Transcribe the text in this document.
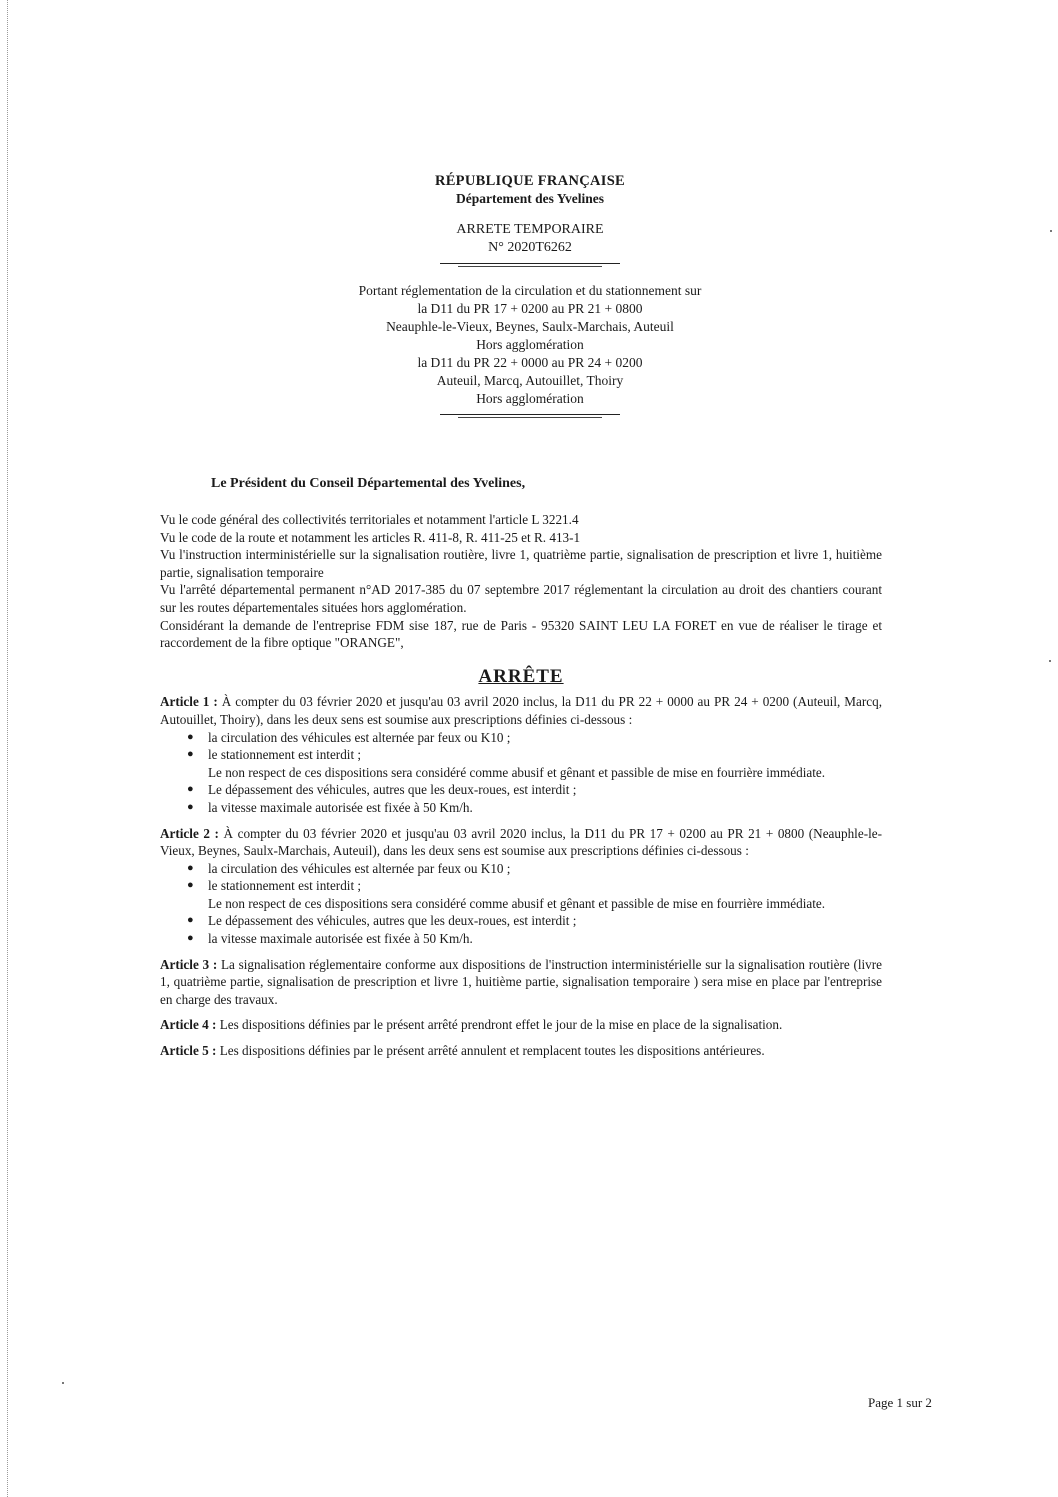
RÉPUBLIQUE FRANÇAISE
Département des Yvelines
ARRETE TEMPORAIRE
N° 2020T6262
Portant réglementation de la circulation et du stationnement sur
la D11 du PR 17 + 0200 au PR 21 + 0800
Neauphle-le-Vieux, Beynes, Saulx-Marchais, Auteuil
Hors agglomération
la D11 du PR 22 + 0000 au PR 24 + 0200
Auteuil, Marcq, Autouillet, Thoiry
Hors agglomération
Le Président du Conseil Départemental des Yvelines,

Vu le code général des collectivités territoriales et notamment l'article L 3221.4

Vu le code de la route et notamment les articles R. 411-8, R. 411-25 et R. 413-1

Vu l'instruction interministérielle sur la signalisation routière, livre 1, quatrième partie, signalisation de prescription et livre 1, huitième partie, signalisation temporaire

Vu l'arrêté départemental permanent n°AD 2017-385 du 07 septembre 2017 réglementant la circulation au droit des chantiers courant sur les routes départementales situées hors agglomération.

Considérant la demande de l'entreprise FDM sise 187, rue de Paris - 95320 SAINT LEU LA FORET en vue de réaliser le tirage et raccordement de la fibre optique "ORANGE",

ARRÊTE

Article 1 : À compter du 03 février 2020 et jusqu'au 03 avril 2020 inclus, la D11 du PR 22 + 0000 au PR 24 + 0200 (Auteuil, Marcq, Autouillet, Thoiry), dans les deux sens est soumise aux prescriptions définies ci-dessous :

● la circulation des véhicules est alternée par feux ou K10 ;
● le stationnement est interdit ;
Le non respect de ces dispositions sera considéré comme abusif et gênant et passible de mise en fourrière immédiate.
● Le dépassement des véhicules, autres que les deux-roues, est interdit ;
● la vitesse maximale autorisée est fixée à 50 Km/h.

Article 2 : À compter du 03 février 2020 et jusqu'au 03 avril 2020 inclus, la D11 du PR 17 + 0200 au PR 21 + 0800 (Neauphle-le-Vieux, Beynes, Saulx-Marchais, Auteuil), dans les deux sens est soumise aux prescriptions définies ci-dessous :

● la circulation des véhicules est alternée par feux ou K10 ;
● le stationnement est interdit ;
Le non respect de ces dispositions sera considéré comme abusif et gênant et passible de mise en fourrière immédiate.
● Le dépassement des véhicules, autres que les deux-roues, est interdit ;
● la vitesse maximale autorisée est fixée à 50 Km/h.

Article 3 : La signalisation réglementaire conforme aux dispositions de l'instruction interministérielle sur la signalisation routière (livre 1, quatrième partie, signalisation de prescription et livre 1, huitième partie, signalisation temporaire ) sera mise en place par l'entreprise en charge des travaux.

Article 4 : Les dispositions définies par le présent arrêté prendront effet le jour de la mise en place de la signalisation.

Article 5 : Les dispositions définies par le présent arrêté annulent et remplacent toutes les dispositions antérieures.

Page 1 sur 2
